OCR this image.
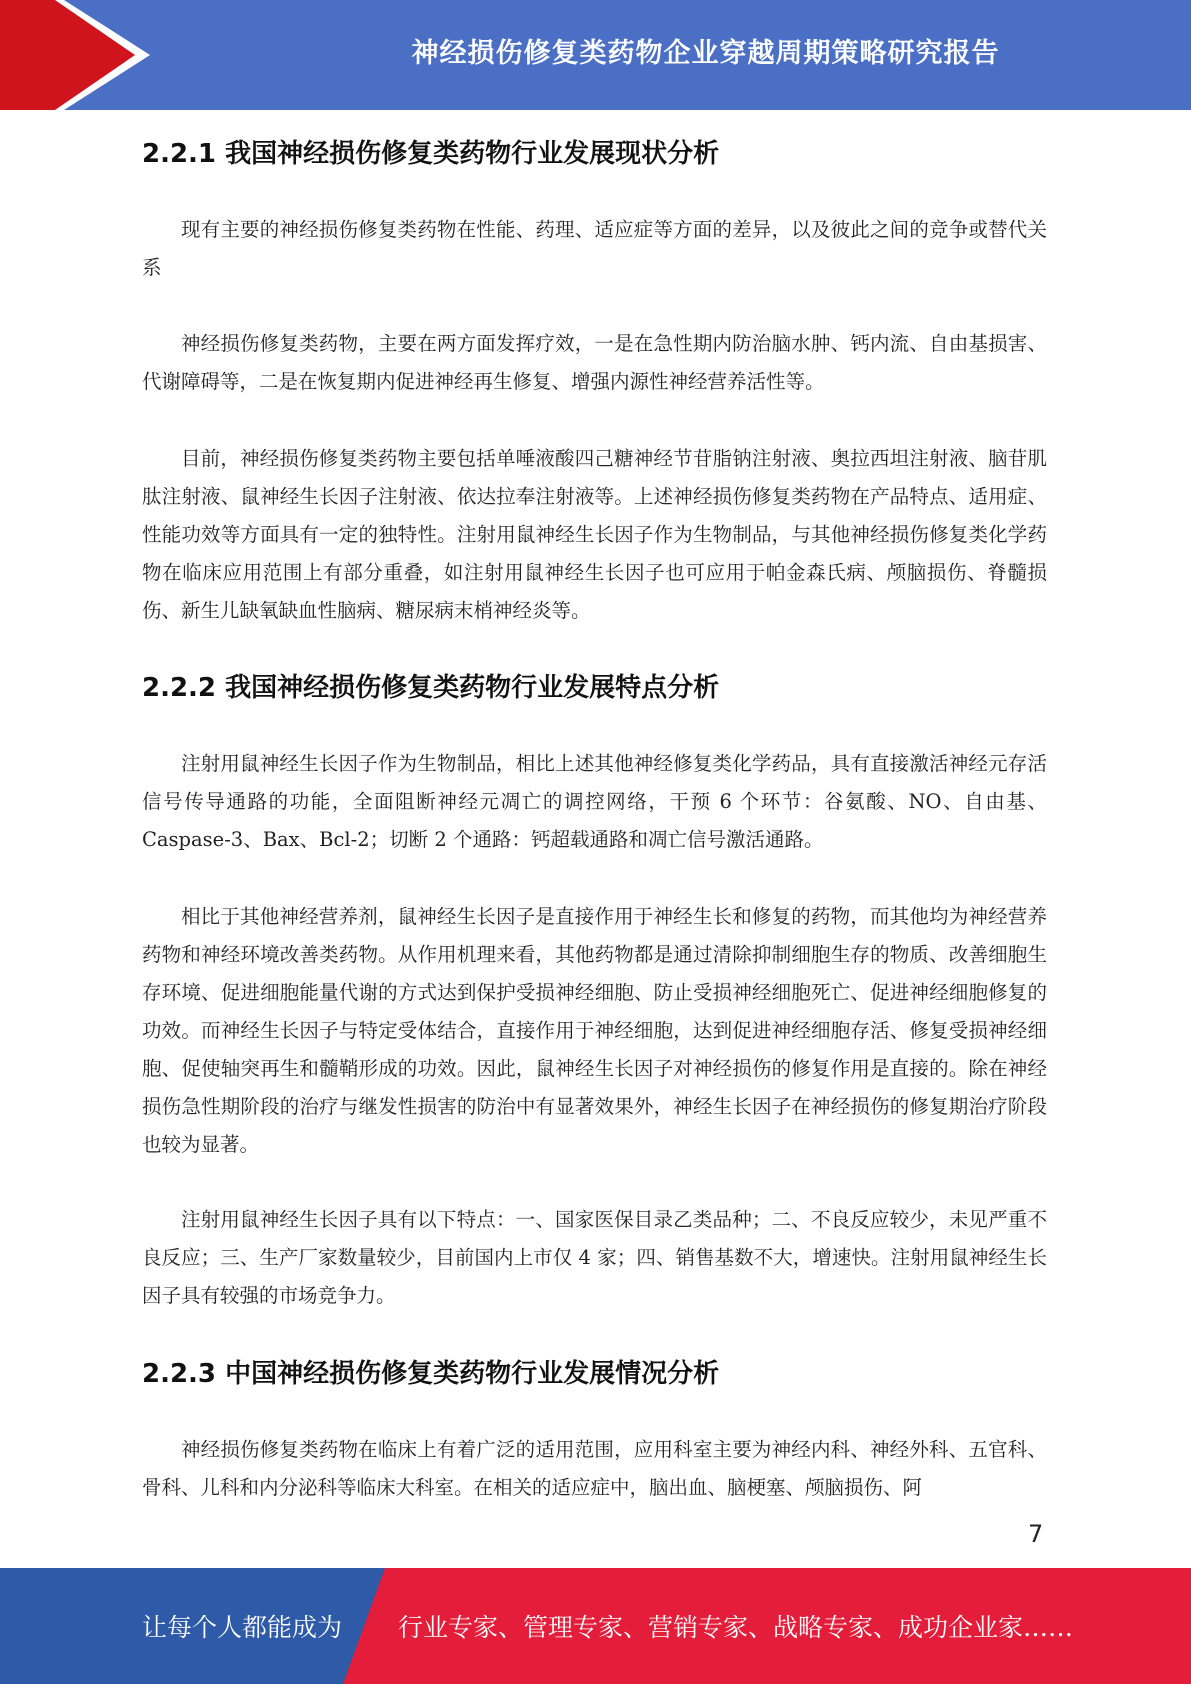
神经损伤修复类药物企业穿越周期策略研究报告
2.2.1 我国神经损伤修复类药物行业发展现状分析

现有主要的神经损伤修复类药物在性能、药理、适应症等方面的差异，以及彼此之间的竞争或替代关系

神经损伤修复类药物，主要在两方面发挥疗效，一是在急性期内防治脑水肿、钙内流、自由基损害、代谢障碍等，二是在恢复期内促进神经再生修复、增强内源性神经营养活性等。

目前，神经损伤修复类药物主要包括单唾液酸四己糖神经节苷脂钠注射液、奥拉西坦注射液、脑苷肌肽注射液、鼠神经生长因子注射液、依达拉奉注射液等。上述神经损伤修复类药物在产品特点、适用症、性能功效等方面具有一定的独特性。注射用鼠神经生长因子作为生物制品，与其他神经损伤修复类化学药物在临床应用范围上有部分重叠，如注射用鼠神经生长因子也可应用于帕金森氏病、颅脑损伤、脊髓损伤、新生儿缺氧缺血性脑病、糖尿病末梢神经炎等。

2.2.2 我国神经损伤修复类药物行业发展特点分析

注射用鼠神经生长因子作为生物制品，相比上述其他神经修复类化学药品，具有直接激活神经元存活信号传导通路的功能，全面阻断神经元凋亡的调控网络，干预 6 个环节：谷氨酸、NO、自由基、Caspase-3、Bax、Bcl-2；切断 2 个通路：钙超载通路和凋亡信号激活通路。

相比于其他神经营养剂，鼠神经生长因子是直接作用于神经生长和修复的药物，而其他均为神经营养药物和神经环境改善类药物。从作用机理来看，其他药物都是通过清除抑制细胞生存的物质、改善细胞生存环境、促进细胞能量代谢的方式达到保护受损神经细胞、防止受损神经细胞死亡、促进神经细胞修复的功效。而神经生长因子与特定受体结合，直接作用于神经细胞，达到促进神经细胞存活、修复受损神经细胞、促使轴突再生和髓鞘形成的功效。因此，鼠神经生长因子对神经损伤的修复作用是直接的。除在神经损伤急性期阶段的治疗与继发性损害的防治中有显著效果外，神经生长因子在神经损伤的修复期治疗阶段也较为显著。

注射用鼠神经生长因子具有以下特点：一、国家医保目录乙类品种；二、不良反应较少，未见严重不良反应；三、生产厂家数量较少，目前国内上市仅 4 家；四、销售基数不大，增速快。注射用鼠神经生长因子具有较强的市场竞争力。

2.2.3 中国神经损伤修复类药物行业发展情况分析

神经损伤修复类药物在临床上有着广泛的适用范围，应用科室主要为神经内科、神经外科、五官科、骨科、儿科和内分泌科等临床大科室。在相关的适应症中，脑出血、脑梗塞、颅脑损伤、阿

7
让每个人都能成为 行业专家、管理专家、营销专家、战略专家、成功企业家……
